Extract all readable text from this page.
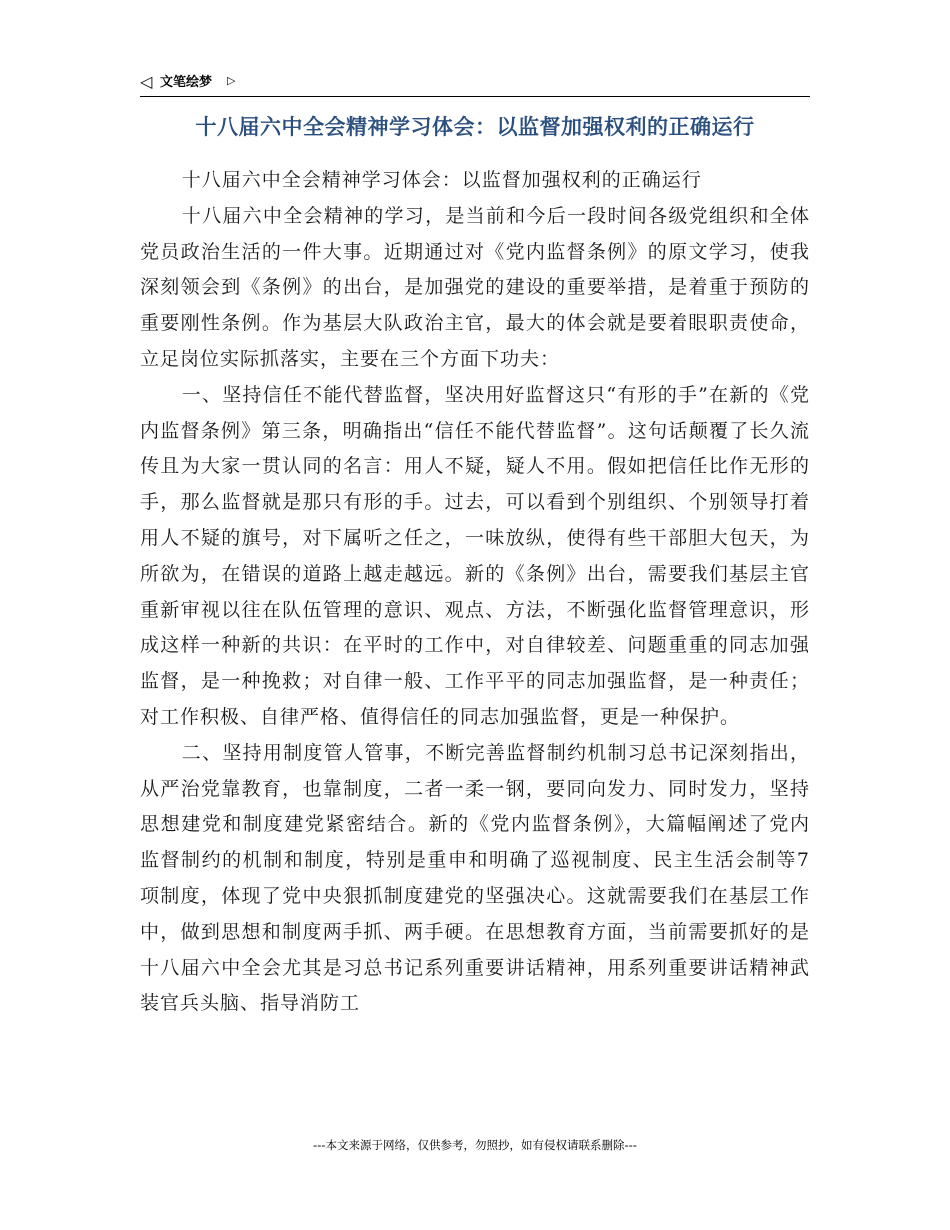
◁ 文笔绘梦 ▷
十八届六中全会精神学习体会：以监督加强权利的正确运行

十八届六中全会精神学习体会：以监督加强权利的正确运行

十八届六中全会精神的学习，是当前和今后一段时间各级党组织和全体党员政治生活的一件大事。近期通过对《党内监督条例》的原文学习，使我深刻领会到《条例》的出台，是加强党的建设的重要举措，是着重于预防的重要刚性条例。作为基层大队政治主官，最大的体会就是要着眼职责使命，立足岗位实际抓落实，主要在三个方面下功夫：

一、坚持信任不能代替监督，坚决用好监督这只“有形的手”在新的《党内监督条例》第三条，明确指出“信任不能代替监督”。这句话颠覆了长久流传且为大家一贯认同的名言：用人不疑，疑人不用。假如把信任比作无形的手，那么监督就是那只有形的手。过去，可以看到个别组织、个别领导打着用人不疑的旗号，对下属听之任之，一味放纵，使得有些干部胆大包天，为所欲为，在错误的道路上越走越远。新的《条例》出台，需要我们基层主官重新审视以往在队伍管理的意识、观点、方法，不断强化监督管理意识，形成这样一种新的共识：在平时的工作中，对自律较差、问题重重的同志加强监督，是一种挽救；对自律一般、工作平平的同志加强监督，是一种责任；对工作积极、自律严格、值得信任的同志加强监督，更是一种保护。

二、坚持用制度管人管事，不断完善监督制约机制习总书记深刻指出，从严治党靠教育，也靠制度，二者一柔一钢，要同向发力、同时发力，坚持思想建党和制度建党紧密结合。新的《党内监督条例》，大篇幅阐述了党内监督制约的机制和制度，特别是重申和明确了巡视制度、民主生活会制等7项制度，体现了党中央狠抓制度建党的坚强决心。这就需要我们在基层工作中，做到思想和制度两手抓、两手硬。在思想教育方面，当前需要抓好的是十八届六中全会尤其是习总书记系列重要讲话精神，用系列重要讲话精神武装官兵头脑、指导消防工

---本文来源于网络，仅供参考，勿照抄，如有侵权请联系删除---
